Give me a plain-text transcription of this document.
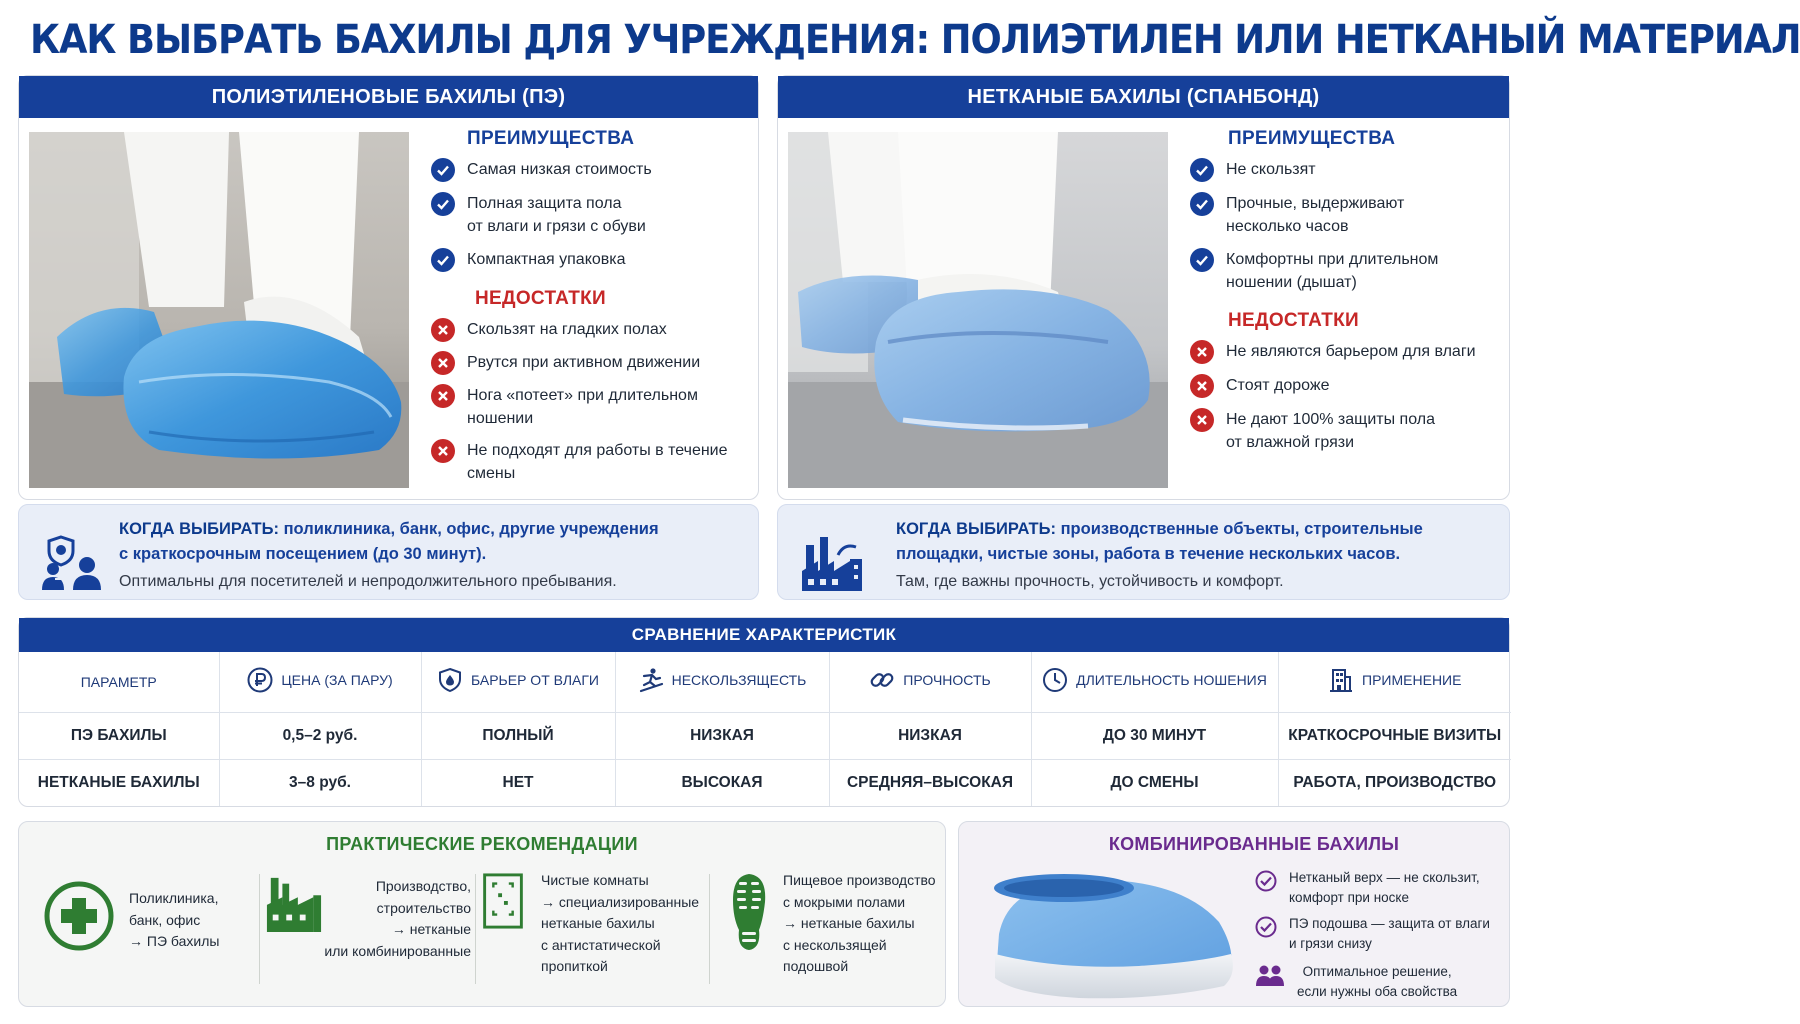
КАК ВЫБРАТЬ БАХИЛЫ ДЛЯ УЧРЕЖДЕНИЯ: ПОЛИЭТИЛЕН ИЛИ НЕТКАНЫЙ МАТЕРИАЛ
ПОЛИЭТИЛЕНОВЫЕ БАХИЛЫ (ПЭ)
ПРЕИМУЩЕСТВА
Самая низкая стоимость
Полная защита пола
от влаги и грязи с обуви
Компактная упаковка
НЕДОСТАТКИ
Скользят на гладких полах
Рвутся при активном движении
Нога «потеет» при длительном
ношении
Не подходят для работы в течение
смены
НЕТКАНЫЕ БАХИЛЫ (СПАНБОНД)
ПРЕИМУЩЕСТВА
Не скользят
Прочные, выдерживают
несколько часов
Комфортны при длительном
ношении (дышат)
НЕДОСТАТКИ
Не являются барьером для влаги
Стоят дороже
Не дают 100% защиты пола
от влажной грязи
КОГДА ВЫБИРАТЬ: поликлиника, банк, офис, другие учреждения
с краткосрочным посещением (до 30 минут).
Оптимальны для посетителей и непродолжительного пребывания.
КОГДА ВЫБИРАТЬ: производственные объекты, строительные
площадки, чистые зоны, работа в течение нескольких часов.
Там, где важны прочность, устойчивость и комфорт.
СРАВНЕНИЕ ХАРАКТЕРИСТИК
ПАРАМЕТР	ЦЕНА (ЗА ПАРУ)	БАРЬЕР ОТ ВЛАГИ	НЕСКОЛЬЗЯЩЕСТЬ	ПРОЧНОСТЬ	ДЛИТЕЛЬНОСТЬ НОШЕНИЯ	ПРИМЕНЕНИЕ

ПЭ БАХИЛЫ	0,5–2 руб.	ПОЛНЫЙ	НИЗКАЯ	НИЗКАЯ	ДО 30 МИНУТ	КРАТКОСРОЧНЫЕ ВИЗИТЫ
НЕТКАНЫЕ БАХИЛЫ	3–8 руб.	НЕТ	ВЫСОКАЯ	СРЕДНЯЯ–ВЫСОКАЯ	ДО СМЕНЫ	РАБОТА, ПРОИЗВОДСТВО
ПРАКТИЧЕСКИЕ РЕКОМЕНДАЦИИ
Поликлиника,
банк, офис
→ ПЭ бахилы
Производство,
строительство
→ нетканые
или комбинированные
Чистые комнаты
→ специализированные
нетканые бахилы
с антистатической
пропиткой
Пищевое производство
с мокрыми полами
→ нетканые бахилы
с нескользящей
подошвой
КОМБИНИРОВАННЫЕ БАХИЛЫ
Нетканый верх — не скользит,
комфорт при носке
ПЭ подошва — защита от влаги
и грязи снизу
Оптимальное решение,
если нужны оба свойства
